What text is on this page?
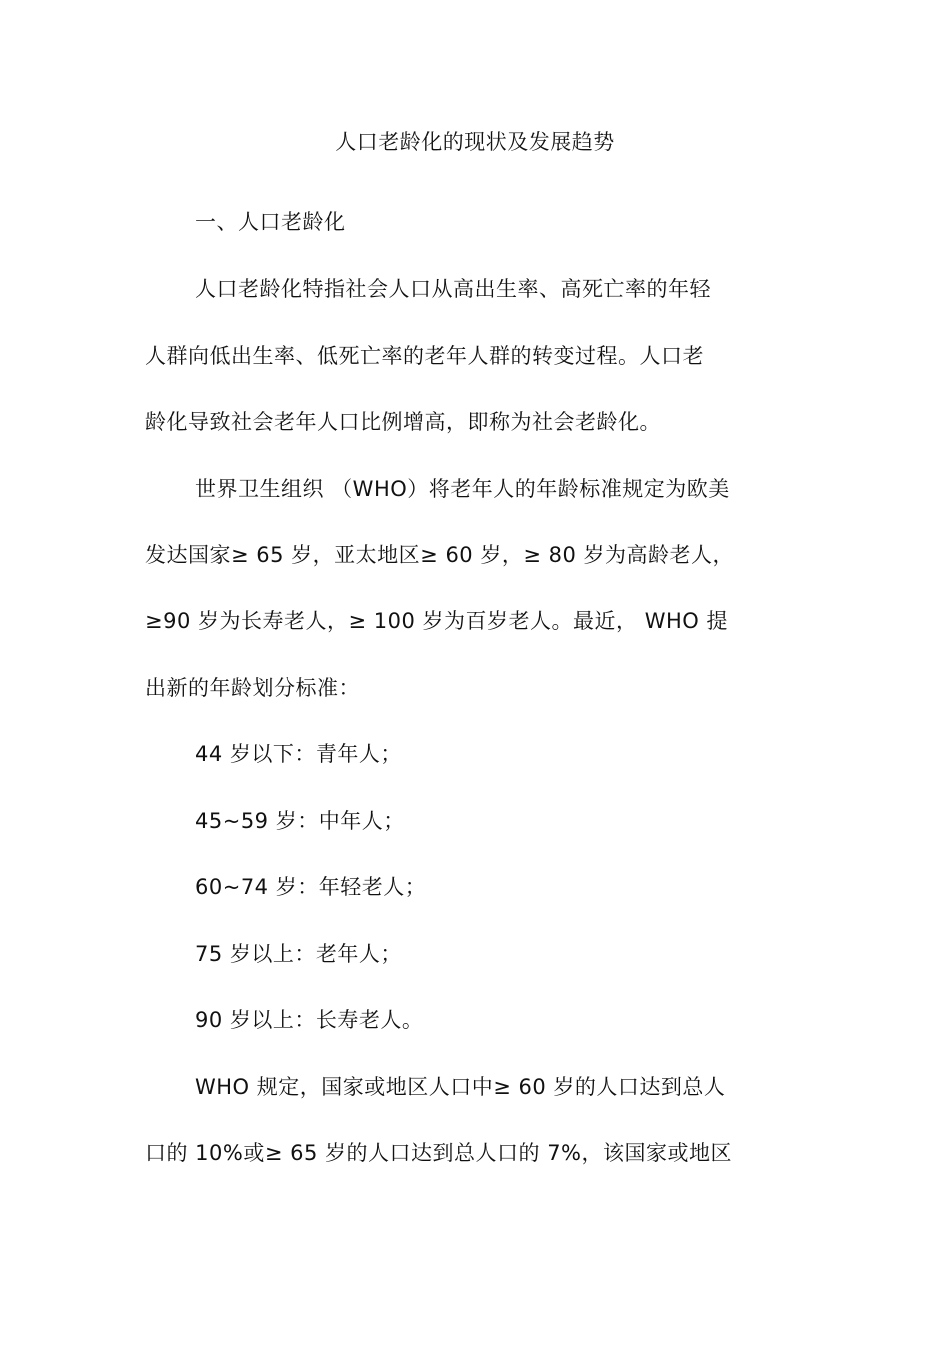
人口老龄化的现状及发展趋势
一、人口老龄化
人口老龄化特指社会人口从高出生率、高死亡率的年轻
人群向低出生率、低死亡率的老年人群的转变过程。人口老
龄化导致社会老年人口比例增高，即称为社会老龄化。
世界卫生组织 （WHO）将老年人的年龄标准规定为欧美
发达国家≥ 65 岁，亚太地区≥ 60 岁，≥ 80 岁为高龄老人，
≥90 岁为长寿老人，≥ 100 岁为百岁老人。最近， WHO 提
出新的年龄划分标准：
44 岁以下：青年人；
45~59 岁：中年人；
60~74 岁：年轻老人；
75 岁以上：老年人；
90 岁以上：长寿老人。
WHO 规定，国家或地区人口中≥ 60 岁的人口达到总人
口的 10%或≥ 65 岁的人口达到总人口的 7%，该国家或地区
